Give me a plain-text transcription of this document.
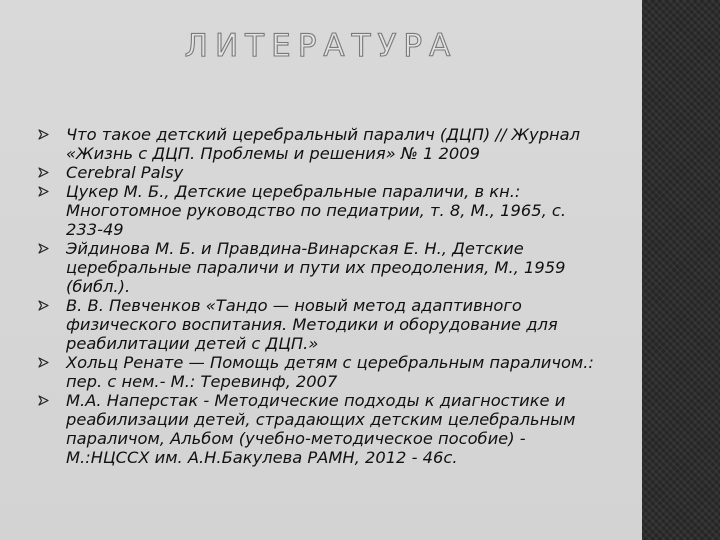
ЛИТЕРАТУРА
Что такое детский церебральный паралич (ДЦП) // Журнал «Жизнь с ДЦП. Проблемы и решения» № 1 2009
Cerebral Palsy
Цукер М. Б., Детские церебральные параличи, в кн.: Многотомное руководство по педиатрии, т. 8, М., 1965, с. 233-49
Эйдинова М. Б. и Правдина-Винарская Е. Н., Детские церебральные параличи и пути их преодоления, М., 1959 (библ.).
В. В. Певченков «Тандо — новый метод адаптивного физического воспитания. Методики и оборудование для реабилитации детей с ДЦП.»
Хольц Ренате — Помощь детям с церебральным параличом.: пер. с нем.- М.: Теревинф, 2007
М.А. Наперстак - Методические подходы к диагностике и реабилизации детей, страдающих детским целебральным параличом, Альбом (учебно-методическое пособие) - М.:НЦССХ им. А.Н.Бакулева РАМН, 2012 - 46с.
